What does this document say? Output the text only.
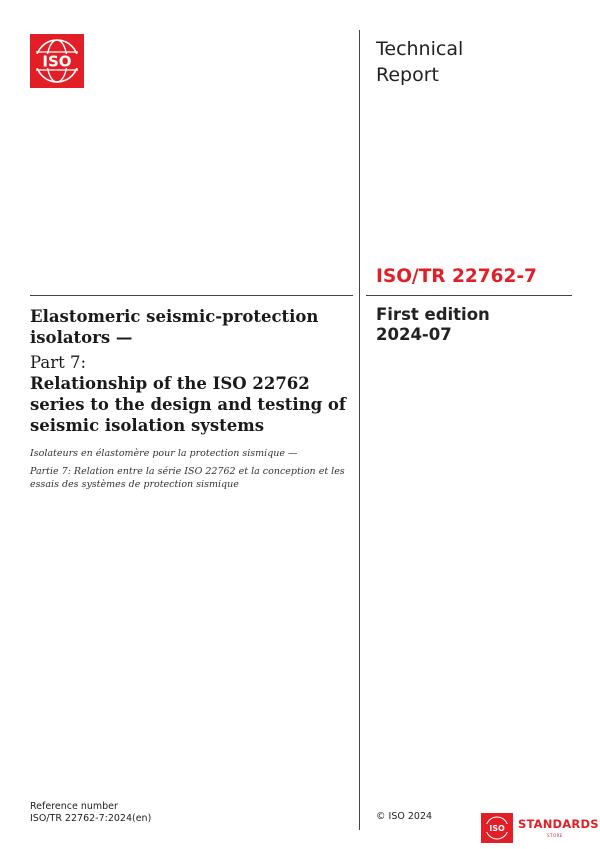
ISO
Technical
Report
ISO/TR 22762-7
First edition
2024-07
Elastomeric seismic-protection isolators —
Part 7:
Relationship of the ISO 22762 series to the design and testing of seismic isolation systems
Isolateurs en élastomère pour la protection sismique —
Partie 7: Relation entre la série ISO 22762 et la conception et les essais des systèmes de protection sismique
Reference number
ISO/TR 22762-7:2024(en)	© ISO 2024
ISO STANDARDS
STORE
